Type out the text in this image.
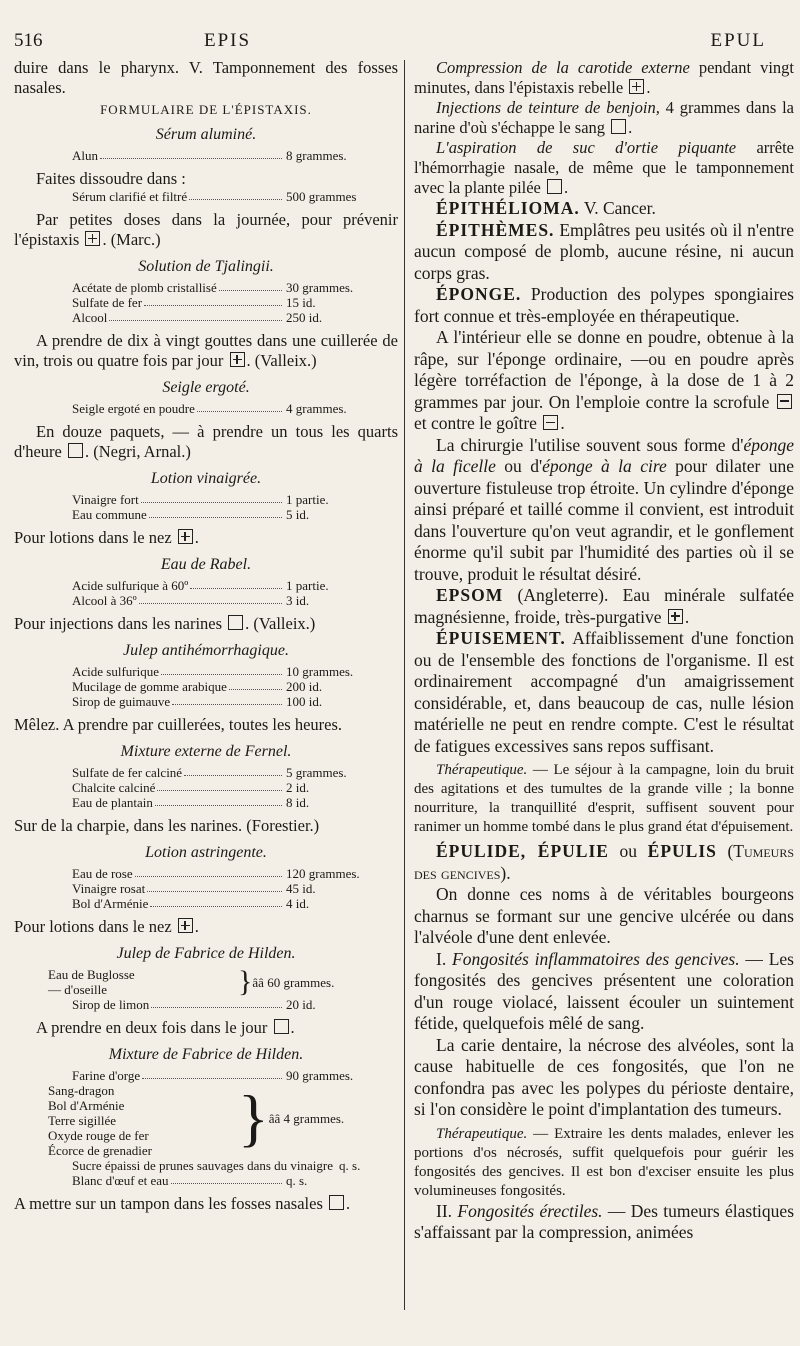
516	EPIS	EPUL

duire dans le pharynx. V. Tamponnement des fosses nasales.

FORMULAIRE DE L'ÉPISTAXIS.
Sérum aluminé.
Alun	8 grammes.

Faites dissoudre dans :

Sérum clarifié et filtré	500 grammes

Par petites doses dans la journée, pour prévenir l'épistaxis . (Marc.)

Solution de Tjalingii.
Acétate de plomb cristallisé	30 grammes.
Sulfate de fer	15 id.
Alcool	250 id.

A prendre de dix à vingt gouttes dans une cuillerée de vin, trois ou quatre fois par jour . (Valleix.)

Seigle ergoté.
Seigle ergoté en poudre	4 grammes.

En douze paquets, — à prendre un tous les quarts d'heure . (Negri, Arnal.)

Lotion vinaigrée.
Vinaigre fort	1 partie.
Eau commune	5 id.

Pour lotions dans le nez .

Eau de Rabel.
Acide sulfurique à 60º	1 partie.
Alcool à 36º	3 id.

Pour injections dans les narines . (Valleix.)

Julep antihémorrhagique.
Acide sulfurique	10 grammes.
Mucilage de gomme arabique	200 id.
Sirop de guimauve	100 id.

Mêlez. A prendre par cuillerées, toutes les heures.

Mixture externe de Fernel.
Sulfate de fer calciné	5 grammes.
Chalcite calciné	2 id.
Eau de plantain	8 id.

Sur de la charpie, dans les narines. (Forestier.)

Lotion astringente.
Eau de rose	120 grammes.
Vinaigre rosat	45 id.
Bol d'Arménie	4 id.

Pour lotions dans le nez .

Julep de Fabrice de Hilden.
Eau de Buglosse
— d'oseille	} ââ 60 grammes.
Sirop de limon	20 id.

A prendre en deux fois dans le jour .

Mixture de Fabrice de Hilden.
Farine d'orge	90 grammes.
Sang-dragon
Bol d'Arménie
Terre sigillée
Oxyde rouge de fer
Écorce de grenadier	} ââ 4 grammes.
Sucre épaissi de prunes sauvages dans du vinaigre q. s.
Blanc d'œuf et eau	q. s.

A mettre sur un tampon dans les fosses nasales .

Compression de la carotide externe pendant vingt minutes, dans l'épistaxis rebelle .

Injections de teinture de benjoin, 4 grammes dans la narine d'où s'échappe le sang .

L'aspiration de suc d'ortie piquante arrête l'hémorrhagie nasale, de même que le tamponnement avec la plante pilée .

ÉPITHÉLIOMA. V. Cancer.

ÉPITHÈMES. Emplâtres peu usités où il n'entre aucun composé de plomb, aucune résine, ni aucun corps gras.

ÉPONGE. Production des polypes spongiaires fort connue et très-employée en thérapeutique.

A l'intérieur elle se donne en poudre, obtenue à la râpe, sur l'éponge ordinaire, —ou en poudre après légère torréfaction de l'éponge, à la dose de 1 à 2 grammes par jour. On l'emploie contre la scrofule  et contre le goître .

La chirurgie l'utilise souvent sous forme d'éponge à la ficelle ou d'éponge à la cire pour dilater une ouverture fistuleuse trop étroite. Un cylindre d'éponge ainsi préparé et taillé comme il convient, est introduit dans l'ouverture qu'on veut agrandir, et le gonflement énorme qu'il subit par l'humidité des parties où il se trouve, produit le résultat désiré.

EPSOM (Angleterre). Eau minérale sulfatée magnésienne, froide, très-purgative .

ÉPUISEMENT. Affaiblissement d'une fonction ou de l'ensemble des fonctions de l'organisme. Il est ordinairement accompagné d'un amaigrissement considérable, et, dans beaucoup de cas, nulle lésion matérielle ne peut en rendre compte. C'est le résultat de fatigues excessives sans repos suffisant.

Thérapeutique. — Le séjour à la campagne, loin du bruit des agitations et des tumultes de la grande ville ; la bonne nourriture, la tranquillité d'esprit, suffisent souvent pour ranimer un homme tombé dans le plus grand état d'épuisement.

ÉPULIDE, ÉPULIE ou ÉPULIS (Tumeurs des gencives).

On donne ces noms à de véritables bourgeons charnus se formant sur une gencive ulcérée ou dans l'alvéole d'une dent enlevée.

I. Fongosités inflammatoires des gencives. — Les fongosités des gencives présentent une coloration d'un rouge violacé, laissent écouler un suintement fétide, quelquefois mêlé de sang.

La carie dentaire, la nécrose des alvéoles, sont la cause habituelle de ces fongosités, que l'on ne confondra pas avec les polypes du périoste dentaire, si l'on considère le point d'implantation des tumeurs.

Thérapeutique. — Extraire les dents malades, enlever les portions d'os nécrosés, suffit quelquefois pour guérir les fongosités des gencives. Il est bon d'exciser ensuite les plus volumineuses fongosités.

II. Fongosités érectiles. — Des tumeurs élastiques s'affaissant par la compression, animées
